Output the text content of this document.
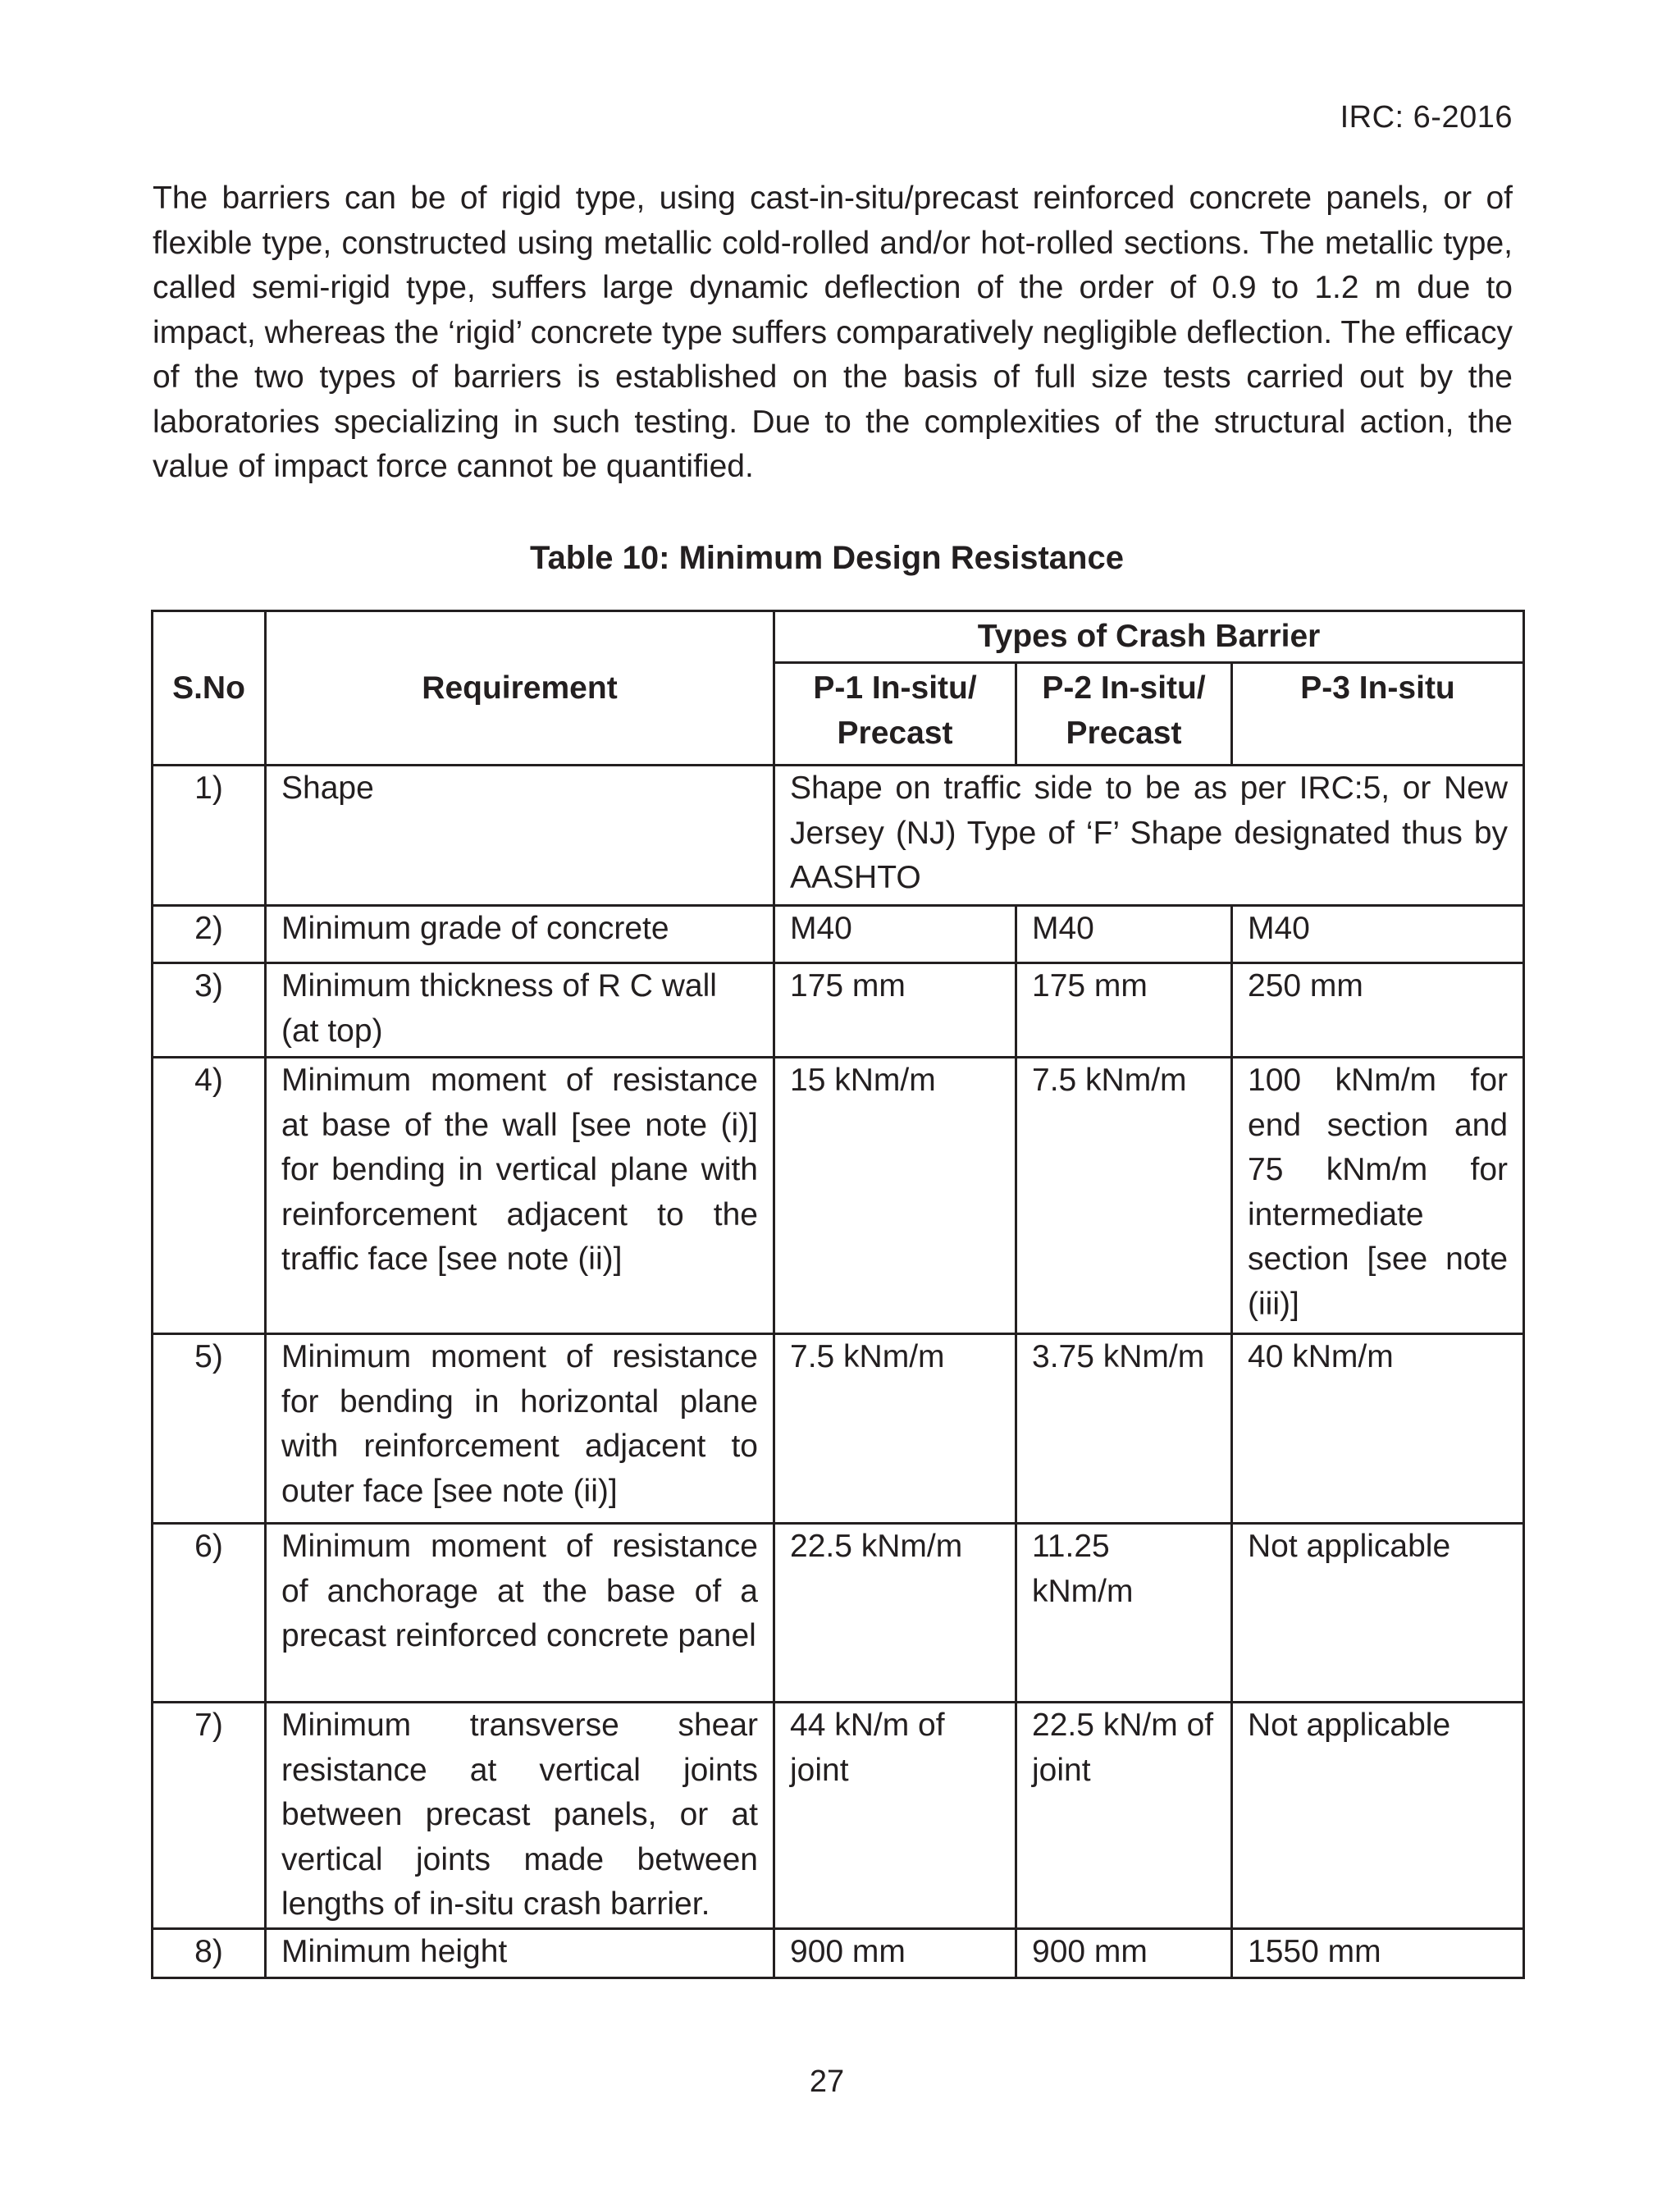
IRC: 6-2016

The barriers can be of rigid type, using cast-in-situ/precast reinforced concrete panels, or of flexible type, constructed using metallic cold-rolled and/or hot-rolled sections. The metallic type, called semi-rigid type, suffers large dynamic deflection of the order of 0.9 to 1.2 m due to impact, whereas the ‘rigid’ concrete type suffers comparatively negligible deflection. The efficacy of the two types of barriers is established on the basis of full size tests carried out by the laboratories specializing in such testing. Due to the complexities of the structural action, the value of impact force cannot be quantified.

Table 10: Minimum Design Resistance
S.No	Requirement	Types of Crash Barrier		
		P-1 In-situ/ Precast	P-2 In-situ/ Precast	P-3 In-situ
1)	Shape	Shape on traffic side to be as per IRC:5, or New Jersey (NJ) Type of ‘F’ Shape designated thus by AASHTO		
2)	Minimum grade of concrete	M40	M40	M40
3)	Minimum thickness of R C wall (at top)	175 mm	175 mm	250 mm
4)	Minimum moment of resistance at base of the wall [see note (i)] for bending in vertical plane with reinforcement adjacent to the traffic face [see note (ii)]	15 kNm/m	7.5 kNm/m	100 kNm/m for end section and 75 kNm/m for intermediate section [see note (iii)]
5)	Minimum moment of resistance for bending in horizontal plane with reinforcement adjacent to outer face [see note (ii)]	7.5 kNm/m	3.75 kNm/m	40 kNm/m
6)	Minimum moment of resistance of anchorage at the base of a precast reinforced concrete panel	22.5 kNm/m	11.25 kNm/m	Not applicable
7)	Minimum transverse shear resistance at vertical joints between precast panels, or at vertical joints made between lengths of in-situ crash barrier.	44 kN/m of joint	22.5 kN/m of joint	Not applicable
8)	Minimum height	900 mm	900 mm	1550 mm
27
